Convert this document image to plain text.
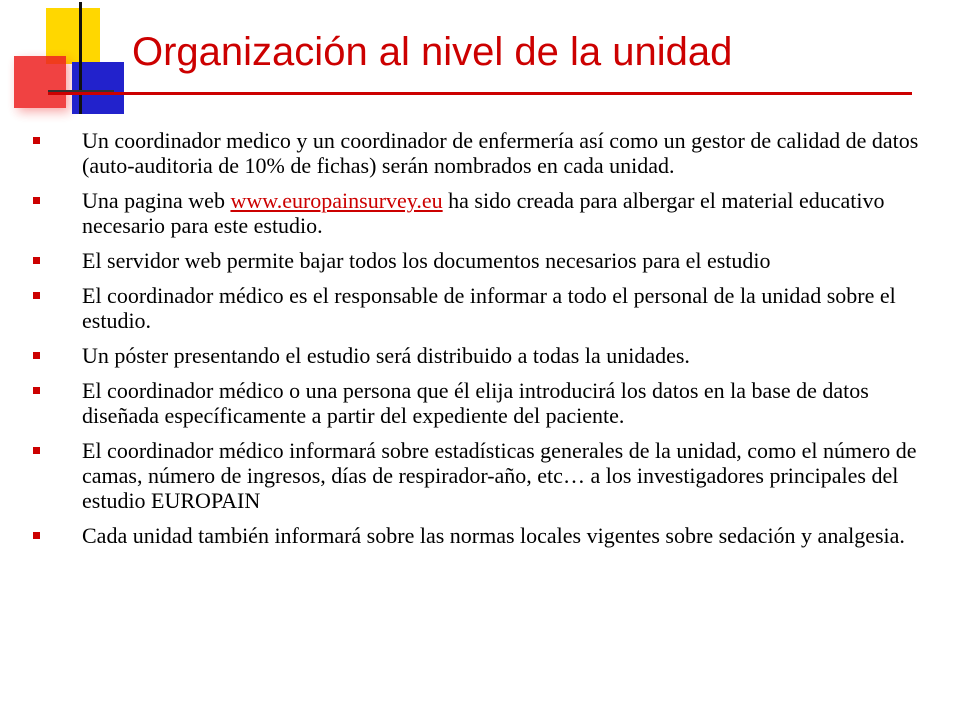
Organización al nivel de la unidad
Un coordinador medico y un coordinador de enfermería así como un gestor de calidad de datos (auto-auditoria de 10% de fichas) serán nombrados en cada unidad.
Una pagina web www.europainsurvey.eu ha sido creada para albergar el material educativo necesario para este estudio.
El servidor web permite bajar todos los documentos necesarios para el estudio
El coordinador médico es el responsable de informar a todo el personal de la unidad sobre el estudio.
Un póster presentando el estudio será distribuido a todas la unidades.
El coordinador médico o una persona que él elija introducirá los datos en la base de datos diseñada específicamente a partir del expediente del paciente.
El coordinador médico informará sobre estadísticas generales de la unidad, como el número de camas, número de ingresos, días de respirador-año, etc… a los investigadores principales del estudio EUROPAIN
Cada unidad también informará sobre las normas locales vigentes sobre sedación y analgesia.
